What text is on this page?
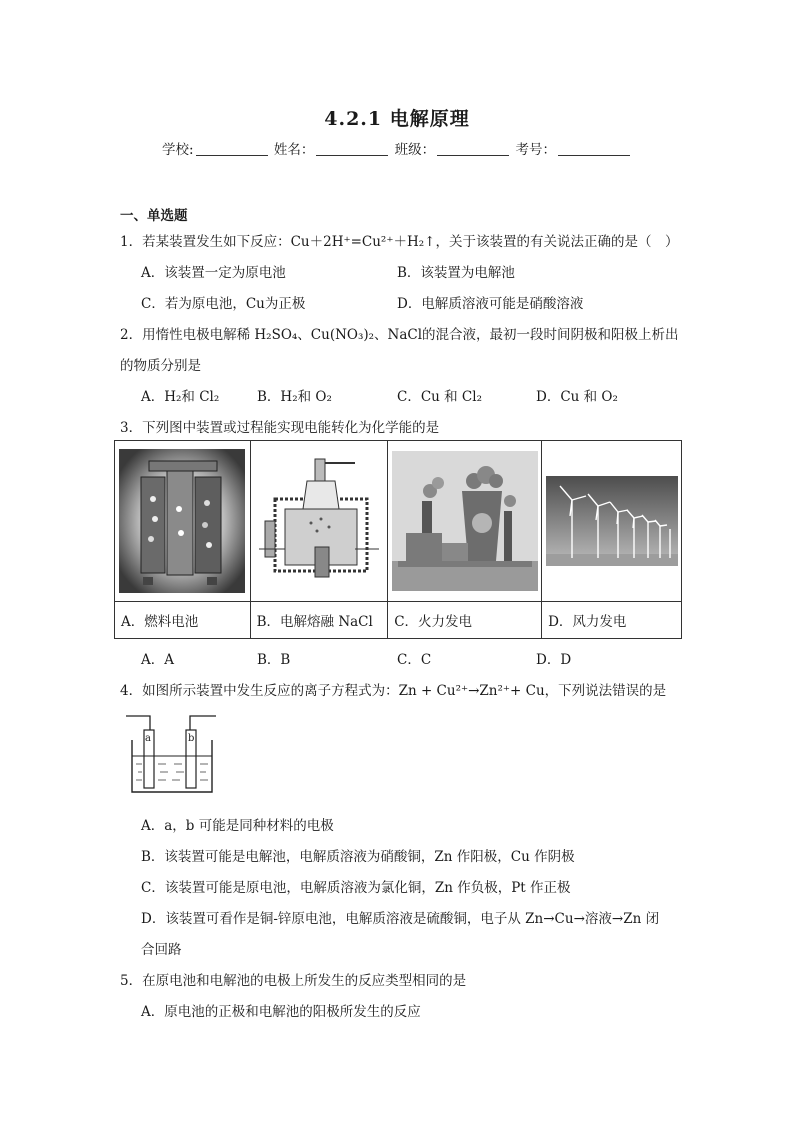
4.2.1 电解原理
学校:	姓名：	班级：	考号：
一、单选题
1．若某装置发生如下反应：Cu＋2H⁺=Cu²⁺＋H₂↑，关于该装置的有关说法正确的是（　）
A．该装置一定为原电池	B．该装置为电解池
C．若为原电池，Cu为正极	D．电解质溶液可能是硝酸溶液
2．用惰性电极电解稀 H₂SO₄、Cu(NO₃)₂、NaCl的混合液，最初一段时间阴极和阳极上析出
的物质分别是
A．H₂和 Cl₂	B．H₂和 O₂	C．Cu 和 Cl₂	D．Cu 和 O₂
3．下列图中装置或过程能实现电能转化为化学能的是

A．燃料电池	B．电解熔融 NaCl	C．火力发电	D．风力发电
A．A	B．B	C．C	D．D
4．如图所示装置中发生反应的离子方程式为：Zn + Cu²⁺→Zn²⁺+ Cu，下列说法错误的是
a	b
A．a，b 可能是同种材料的电极
B．该装置可能是电解池，电解质溶液为硝酸铜，Zn 作阳极，Cu 作阴极
C．该装置可能是原电池，电解质溶液为氯化铜，Zn 作负极，Pt 作正极
D．该装置可看作是铜-锌原电池，电解质溶液是硫酸铜，电子从 Zn→Cu→溶液→Zn 闭
合回路
5．在原电池和电解池的电极上所发生的反应类型相同的是
A．原电池的正极和电解池的阳极所发生的反应
